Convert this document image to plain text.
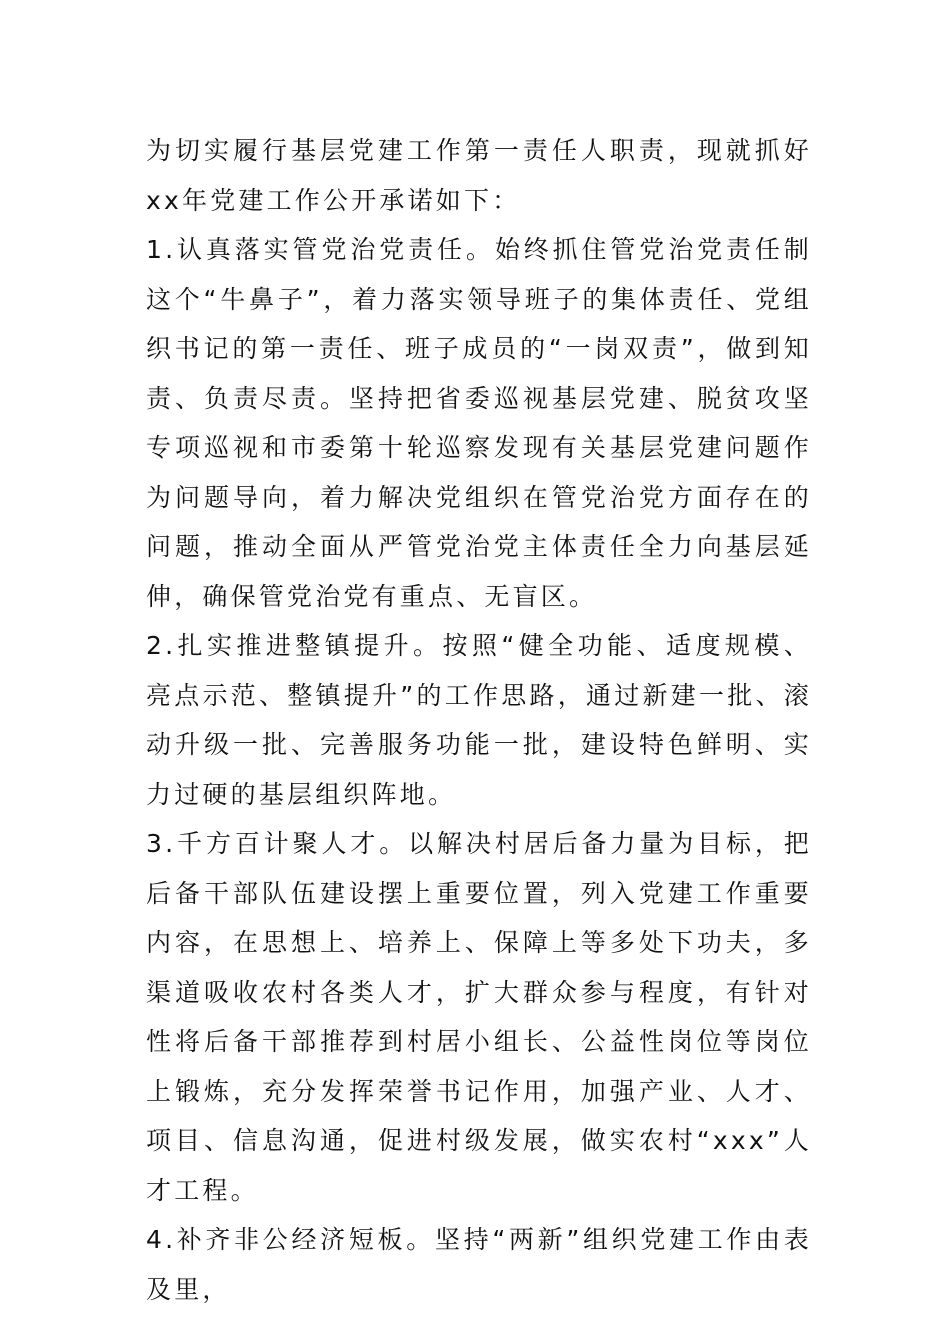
为切实履行基层党建工作第一责任人职责，现就抓好xx年党建工作公开承诺如下：

1.认真落实管党治党责任。始终抓住管党治党责任制这个“牛鼻子”，着力落实领导班子的集体责任、党组织书记的第一责任、班子成员的“一岗双责”，做到知责、负责尽责。坚持把省委巡视基层党建、脱贫攻坚专项巡视和市委第十轮巡察发现有关基层党建问题作为问题导向，着力解决党组织在管党治党方面存在的问题，推动全面从严管党治党主体责任全力向基层延伸，确保管党治党有重点、无盲区。

2.扎实推进整镇提升。按照“健全功能、适度规模、亮点示范、整镇提升”的工作思路，通过新建一批、滚动升级一批、完善服务功能一批，建设特色鲜明、实力过硬的基层组织阵地。

3.千方百计聚人才。以解决村居后备力量为目标，把后备干部队伍建设摆上重要位置，列入党建工作重要内容，在思想上、培养上、保障上等多处下功夫，多渠道吸收农村各类人才，扩大群众参与程度，有针对性将后备干部推荐到村居小组长、公益性岗位等岗位上锻炼，充分发挥荣誉书记作用，加强产业、人才、项目、信息沟通，促进村级发展，做实农村“xxx”人才工程。

4.补齐非公经济短板。坚持“两新”组织党建工作由表及里，
